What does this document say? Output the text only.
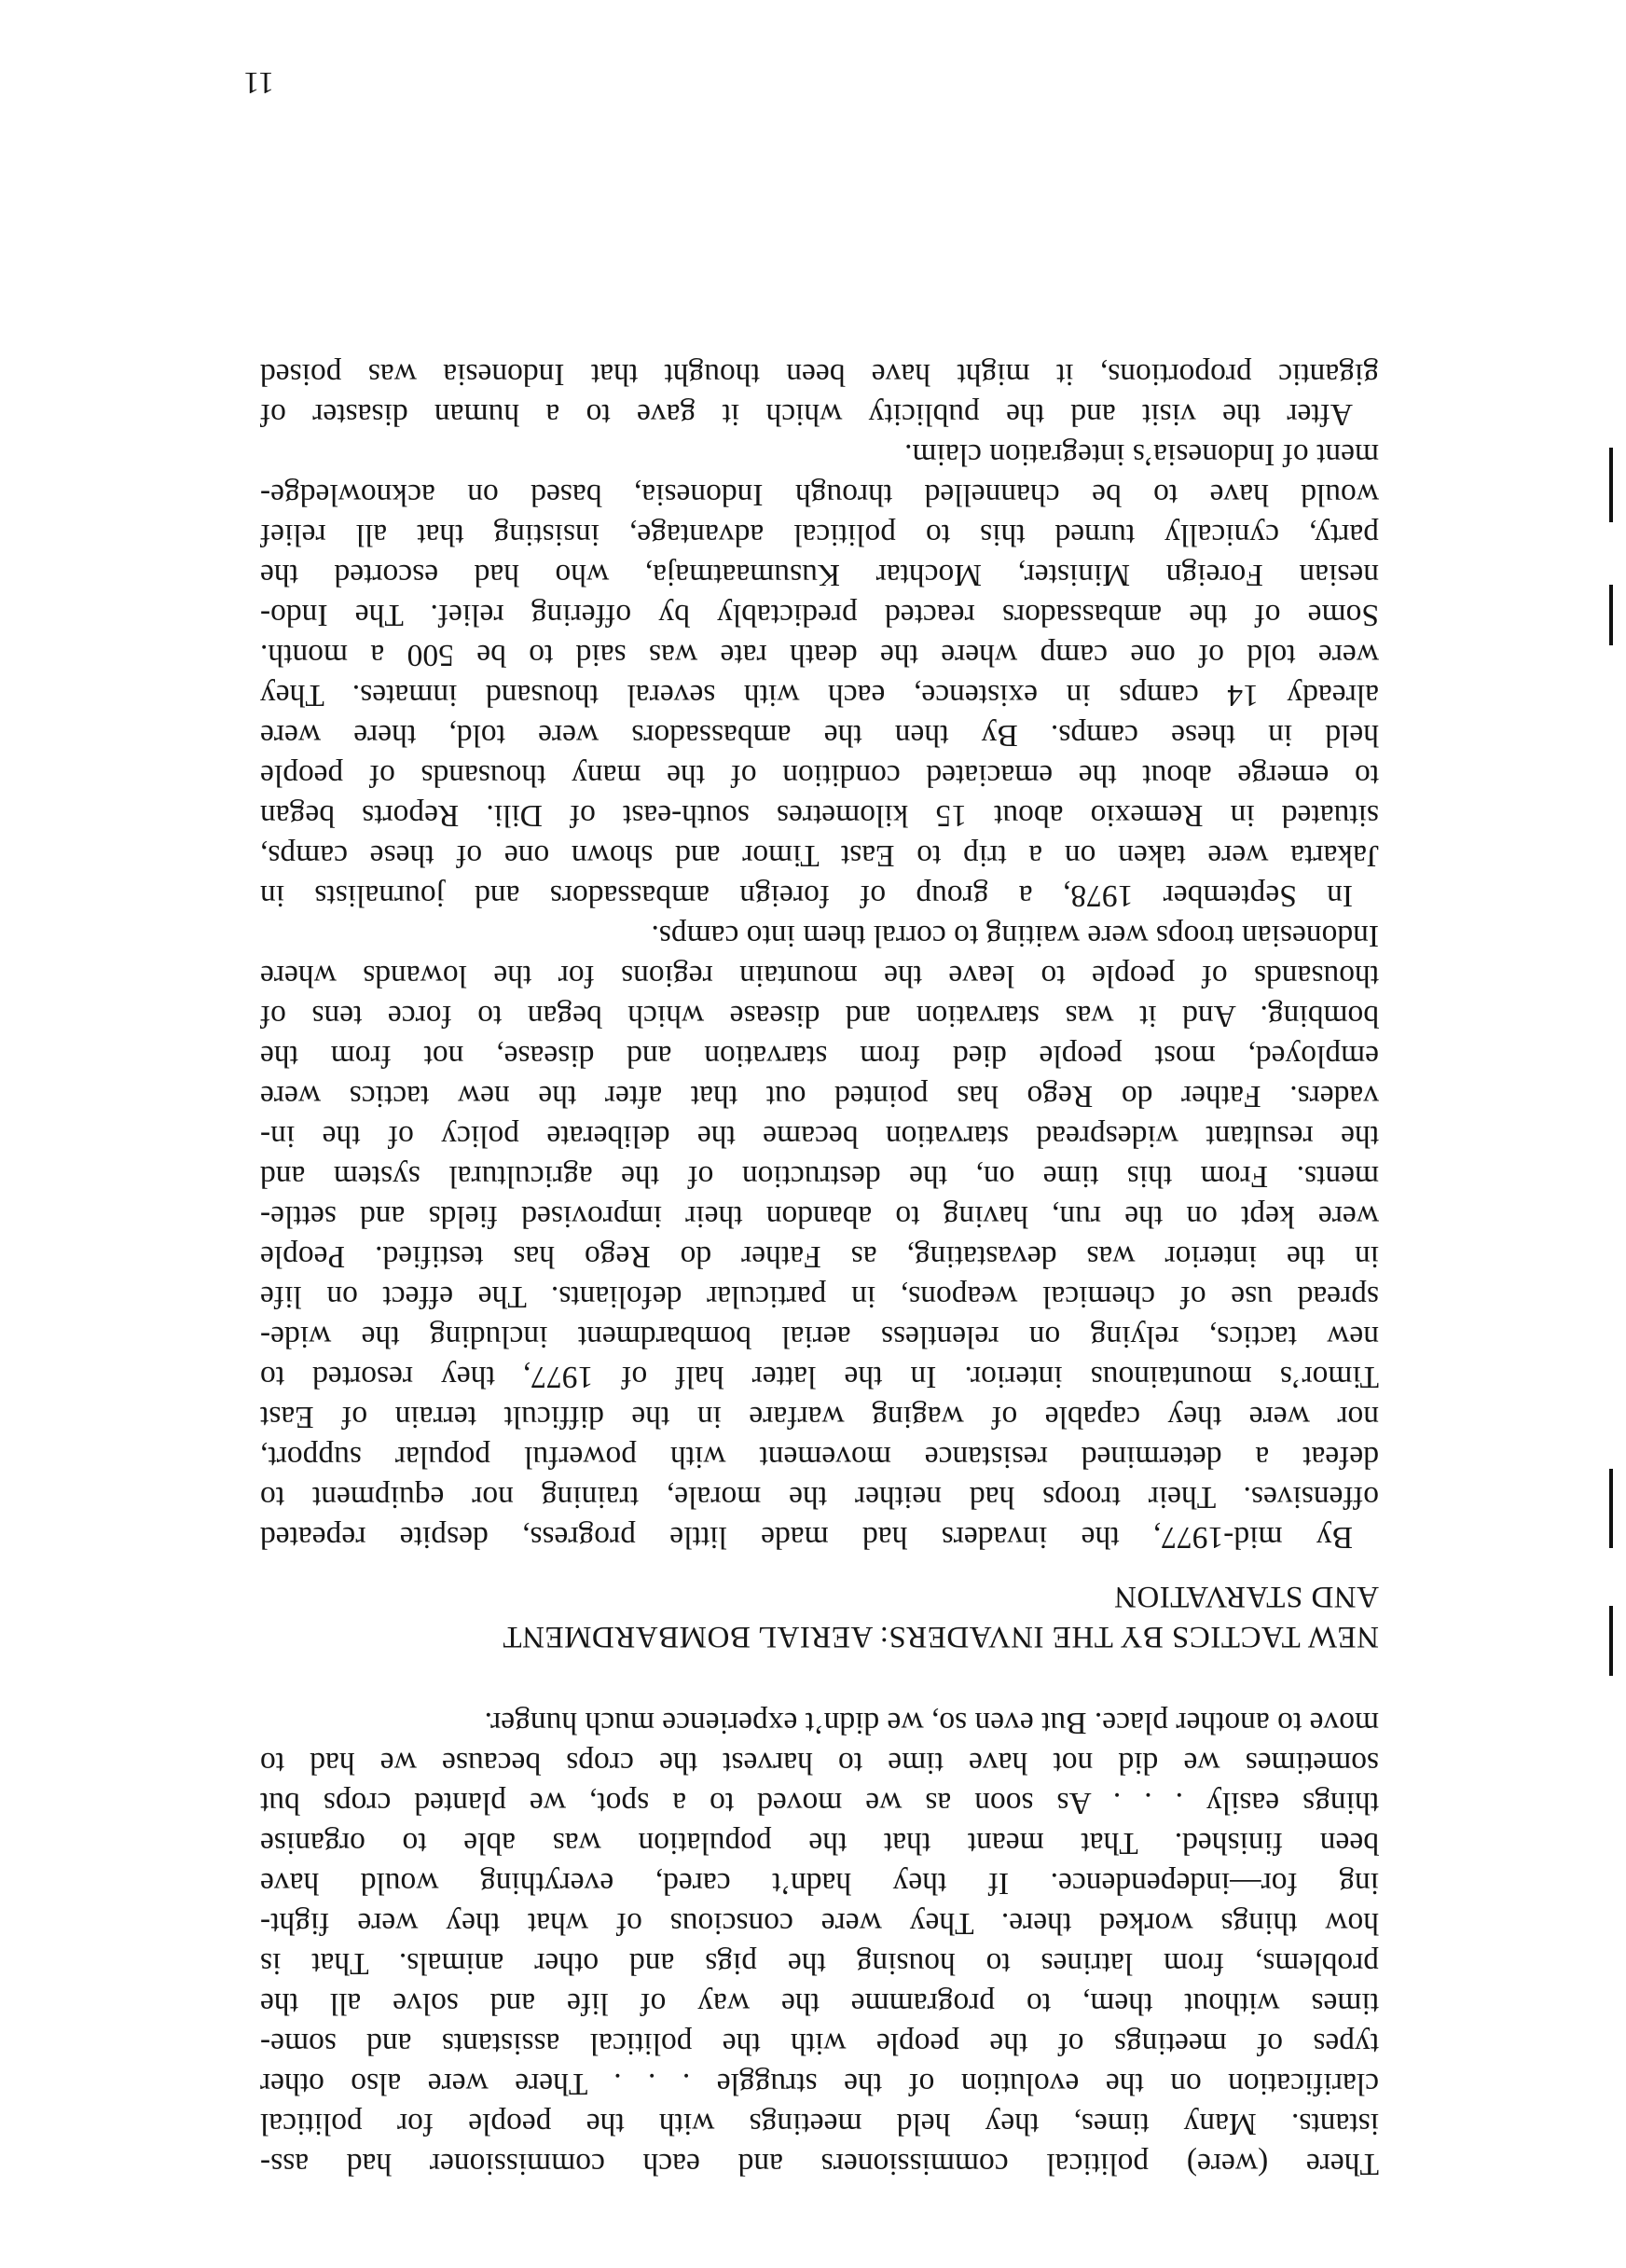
There (were) political commissioners and each commissioner had ass-
istants. Many times, they held meetings with the people for political
clarification on the evolution of the struggle . . . There were also other
types of meetings of the people with the political assistants and some-
times without them, to programme the way of life and solve all the
problems, from latrines to housing the pigs and other animals. That is
how things worked there. They were conscious of what they were fight-
ing for—independence. If they hadn’t cared, everything would have
been finished. That meant that the population was able to organise
things easily . . . As soon as we moved to a spot, we planted crops but
sometimes we did not have time to harvest the crops because we had to
move to another place. But even so, we didn’t experience much hunger.
NEW TACTICS BY THE INVADERS: AERIAL BOMBARDMENT
AND STARVATION
By mid-1977, the invaders had made little progress, despite repeated
offensives. Their troops had neither the morale, training nor equipment to
defeat a determined resistance movement with powerful popular support,
nor were they capable of waging warfare in the difficult terrain of East
Timor’s mountainous interior. In the latter half of 1977, they resorted to
new tactics, relying on relentless aerial bombardment including the wide-
spread use of chemical weapons, in particular defoliants. The effect on life
in the interior was devastating, as Father do Rego has testified. People
were kept on the run, having to abandon their improvised fields and settle-
ments. From this time on, the destruction of the agricultural system and
the resultant widespread starvation became the deliberate policy of the in-
vaders. Father do Rego has pointed out that after the new tactics were
employed, most people died from starvation and disease, not from the
bombing. And it was starvation and disease which began to force tens of
thousands of people to leave the mountain regions for the lowands where
Indonesian troops were waiting to corral them into camps.
In September 1978, a group of foreign ambassadors and journalists in
Jakarta were taken on a trip to East Timor and shown one of these camps,
situated in Remexio about 15 kilometres south-east of Dili. Reports began
to emerge about the emaciated condition of the many thousands of people
held in these camps. By then the ambassadors were told, there were
already 14 camps in existence, each with several thousand inmates. They
were told of one camp where the death rate was said to be 500 a month.
Some of the ambassadors reacted predictably by offering relief. The Indo-
nesian Foreign Minister, Mochtar Kusumaatmaja, who had escorted the
party, cynically turned this to political advantage, insisting that all relief
would have to be channelled through Indonesia, based on acknowledge-
ment of Indonesia’s integration claim.
After the visit and the publicity which it gave to a human disaster of
gigantic proportions, it might have been thought that Indonesia was poised
11
